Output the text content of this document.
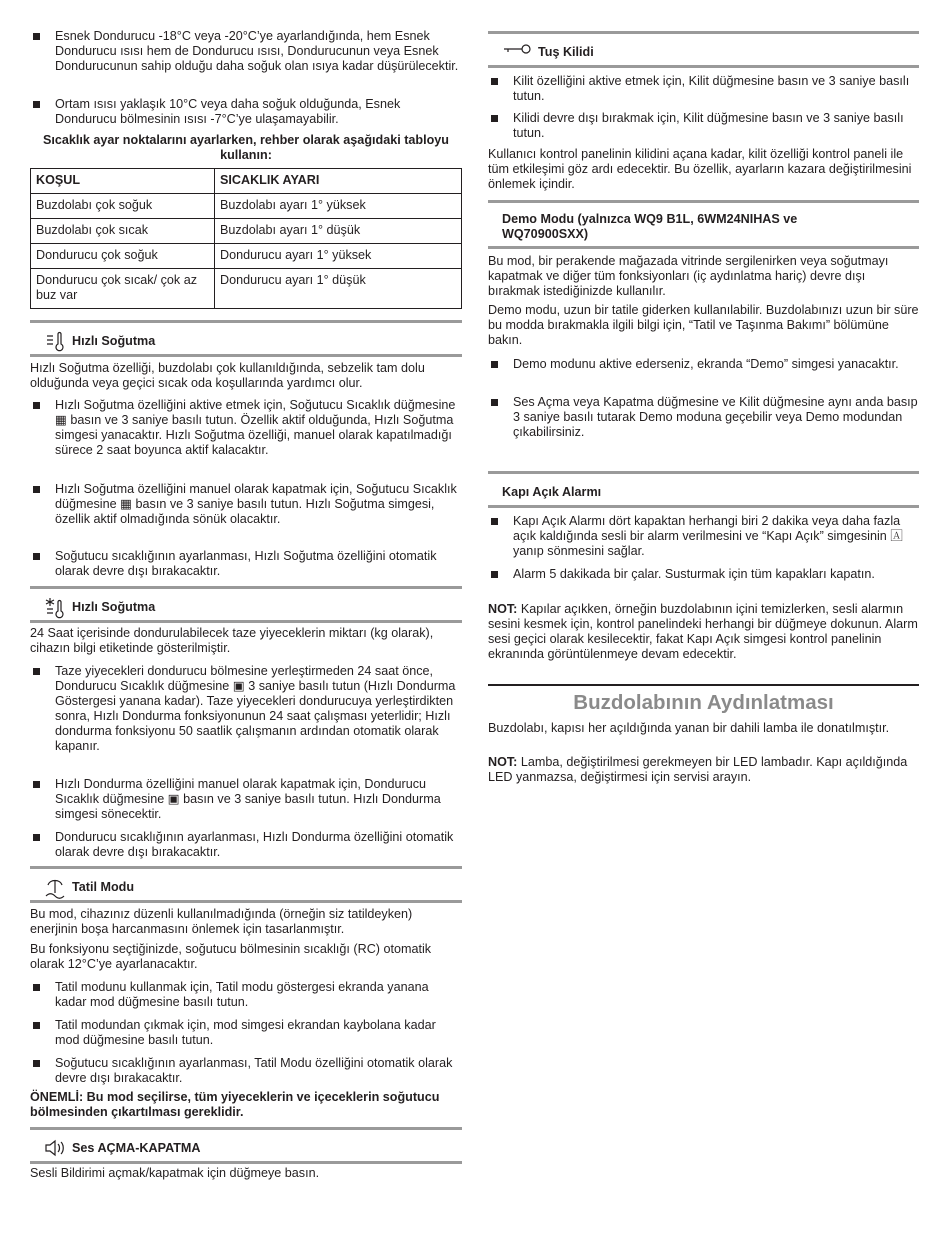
Esnek Dondurucu -18°C veya -20°C’ye ayarlandığında, hem Esnek Dondurucu ısısı hem de Dondurucu ısısı, Dondurucunun veya Esnek Dondurucunun sahip olduğu daha soğuk olan ısıya kadar düşürülecektir.
Ortam ısısı yaklaşık 10°C veya daha soğuk olduğunda, Esnek Dondurucu bölmesinin ısısı -7°C’ye ulaşamayabilir.

Sıcaklık ayar noktalarını ayarlarken, rehber olarak aşağıdaki tabloyu kullanın:

KOŞUL	SICAKLIK AYARI
Buzdolabı çok soğuk	Buzdolabı ayarı 1° yüksek
Buzdolabı çok sıcak	Buzdolabı ayarı 1° düşük
Dondurucu çok soğuk	Dondurucu ayarı 1° yüksek
Dondurucu çok sıcak/ çok az buz var	Dondurucu ayarı 1° düşük
Hızlı Soğutma

Hızlı Soğutma özelliği, buzdolabı çok kullanıldığında, sebzelik tam dolu olduğunda veya geçici sıcak oda koşullarında yardımcı olur.

Hızlı Soğutma özelliğini aktive etmek için, Soğutucu Sıcaklık düğmesine ▦ basın ve 3 saniye basılı tutun. Özellik aktif olduğunda, Hızlı Soğutma simgesi yanacaktır. Hızlı Soğutma özelliği, manuel olarak kapatılmadığı sürece 2 saat boyunca aktif kalacaktır.
Hızlı Soğutma özelliğini manuel olarak kapatmak için, Soğutucu Sıcaklık düğmesine ▦ basın ve 3 saniye basılı tutun. Hızlı Soğutma simgesi, özellik aktif olmadığında sönük olacaktır.
Soğutucu sıcaklığının ayarlanması, Hızlı Soğutma özelliğini otomatik olarak devre dışı bırakacaktır.
Hızlı Soğutma

24 Saat içerisinde dondurulabilecek taze yiyeceklerin miktarı (kg olarak), cihazın bilgi etiketinde gösterilmiştir.

Taze yiyecekleri dondurucu bölmesine yerleştirmeden 24 saat önce, Dondurucu Sıcaklık düğmesine ▣ 3 saniye basılı tutun (Hızlı Dondurma Göstergesi yanana kadar). Taze yiyecekleri dondurucuya yerleştirdikten sonra, Hızlı Dondurma fonksiyonunun 24 saat çalışması yeterlidir; Hızlı dondurma fonksiyonu 50 saatlik çalışmanın ardından otomatik olarak kapanır.
Hızlı Dondurma özelliğini manuel olarak kapatmak için, Dondurucu Sıcaklık düğmesine ▣ basın ve 3 saniye basılı tutun. Hızlı Dondurma simgesi sönecektir.
Dondurucu sıcaklığının ayarlanması, Hızlı Dondurma özelliğini otomatik olarak devre dışı bırakacaktır.
Tatil Modu

Bu mod, cihazınız düzenli kullanılmadığında (örneğin siz tatildeyken) enerjinin boşa harcanmasını önlemek için tasarlanmıştır.

Bu fonksiyonu seçtiğinizde, soğutucu bölmesinin sıcaklığı (RC) otomatik olarak 12°C’ye ayarlanacaktır.

Tatil modunu kullanmak için, Tatil modu göstergesi ekranda yanana kadar mod düğmesine basılı tutun.
Tatil modundan çıkmak için, mod simgesi ekrandan kaybolana kadar mod düğmesine basılı tutun.
Soğutucu sıcaklığının ayarlanması, Tatil Modu özelliğini otomatik olarak devre dışı bırakacaktır.

ÖNEMLİ: Bu mod seçilirse, tüm yiyeceklerin ve içeceklerin soğutucu bölmesinden çıkartılması gereklidir.

Ses AÇMA-KAPATMA

Sesli Bildirimi açmak/kapatmak için düğmeye basın.

Tuş Kilidi
Kilit özelliğini aktive etmek için, Kilit düğmesine basın ve 3 saniye basılı tutun.
Kilidi devre dışı bırakmak için, Kilit düğmesine basın ve 3 saniye basılı tutun.

Kullanıcı kontrol panelinin kilidini açana kadar, kilit özelliği kontrol paneli ile tüm etkileşimi göz ardı edecektir. Bu özellik, ayarların kazara değiştirilmesini önlemek içindir.

Demo Modu (yalnızca WQ9 B1L, 6WM24NIHAS ve WQ70900SXX)

Bu mod, bir perakende mağazada vitrinde sergilenirken veya soğutmayı kapatmak ve diğer tüm fonksiyonları (iç aydınlatma hariç) devre dışı bırakmak istediğinizde kullanılır.

Demo modu, uzun bir tatile giderken kullanılabilir. Buzdolabınızı uzun bir süre bu modda bırakmakla ilgili bilgi için, “Tatil ve Taşınma Bakımı” bölümüne bakın.

Demo modunu aktive ederseniz, ekranda “Demo” simgesi yanacaktır.
Ses Açma veya Kapatma düğmesine ve Kilit düğmesine aynı anda basıp 3 saniye basılı tutarak Demo moduna geçebilir veya Demo modundan çıkabilirsiniz.
Kapı Açık Alarmı
Kapı Açık Alarmı dört kapaktan herhangi biri 2 dakika veya daha fazla açık kaldığında sesli bir alarm verilmesini ve “Kapı Açık” simgesinin 🄰 yanıp sönmesini sağlar.
Alarm 5 dakikada bir çalar. Susturmak için tüm kapakları kapatın.

NOT: Kapılar açıkken, örneğin buzdolabının içini temizlerken, sesli alarmın sesini kesmek için, kontrol panelindeki herhangi bir düğmeye dokunun. Alarm sesi geçici olarak kesilecektir, fakat Kapı Açık simgesi kontrol panelinin ekranında görüntülenmeye devam edecektir.

Buzdolabının Aydınlatması

Buzdolabı, kapısı her açıldığında yanan bir dahili lamba ile donatılmıştır.

NOT: Lamba, değiştirilmesi gerekmeyen bir LED lambadır. Kapı açıldığında LED yanmazsa, değiştirmesi için servisi arayın.
